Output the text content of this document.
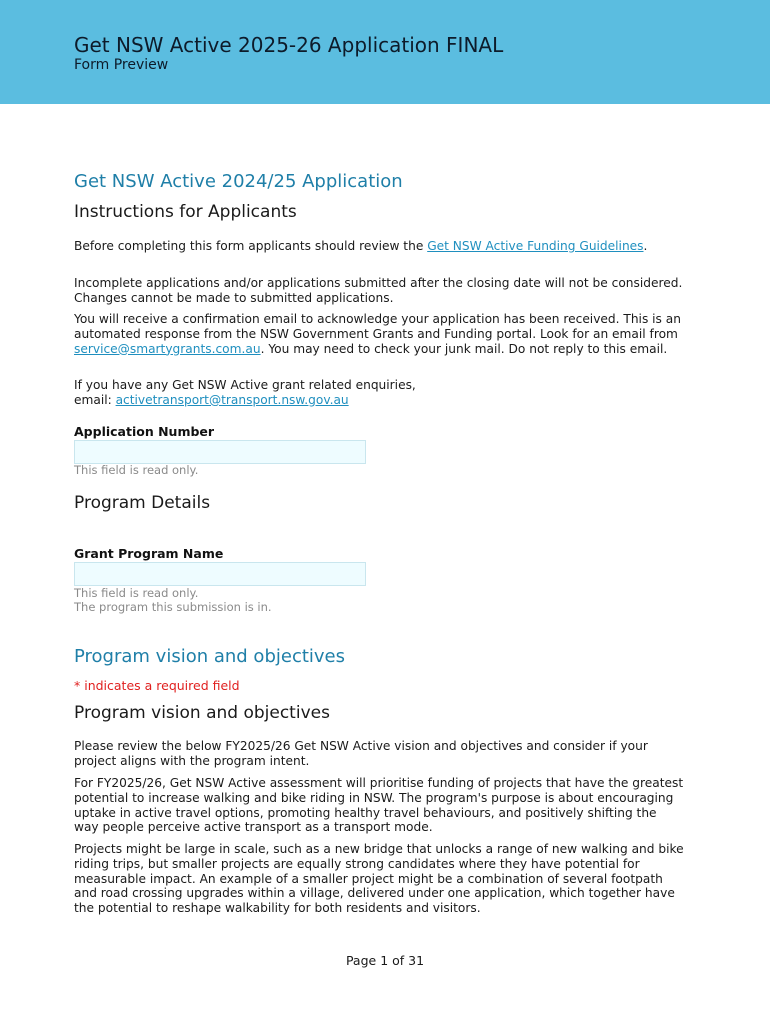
Get NSW Active 2025-26 Application FINAL
Form Preview
Get NSW Active 2024/25 Application
Instructions for Applicants
Before completing this form applicants should review the Get NSW Active Funding Guidelines.
Incomplete applications and/or applications submitted after the closing date will not be considered. Changes cannot be made to submitted applications.
You will receive a confirmation email to acknowledge your application has been received. This is an automated response from the NSW Government Grants and Funding portal. Look for an email from service@smartygrants.com.au. You may need to check your junk mail. Do not reply to this email.
If you have any Get NSW Active grant related enquiries,
email: activetransport@transport.nsw.gov.au
Application Number
This field is read only.
Program Details
Grant Program Name
This field is read only.
The program this submission is in.
Program vision and objectives
* indicates a required field
Program vision and objectives
Please review the below FY2025/26 Get NSW Active vision and objectives and consider if your project aligns with the program intent.
For FY2025/26, Get NSW Active assessment will prioritise funding of projects that have the greatest potential to increase walking and bike riding in NSW. The program's purpose is about encouraging uptake in active travel options, promoting healthy travel behaviours, and positively shifting the way people perceive active transport as a transport mode.
Projects might be large in scale, such as a new bridge that unlocks a range of new walking and bike riding trips, but smaller projects are equally strong candidates where they have potential for measurable impact. An example of a smaller project might be a combination of several footpath and road crossing upgrades within a village, delivered under one application, which together have the potential to reshape walkability for both residents and visitors.
Page 1 of 31
